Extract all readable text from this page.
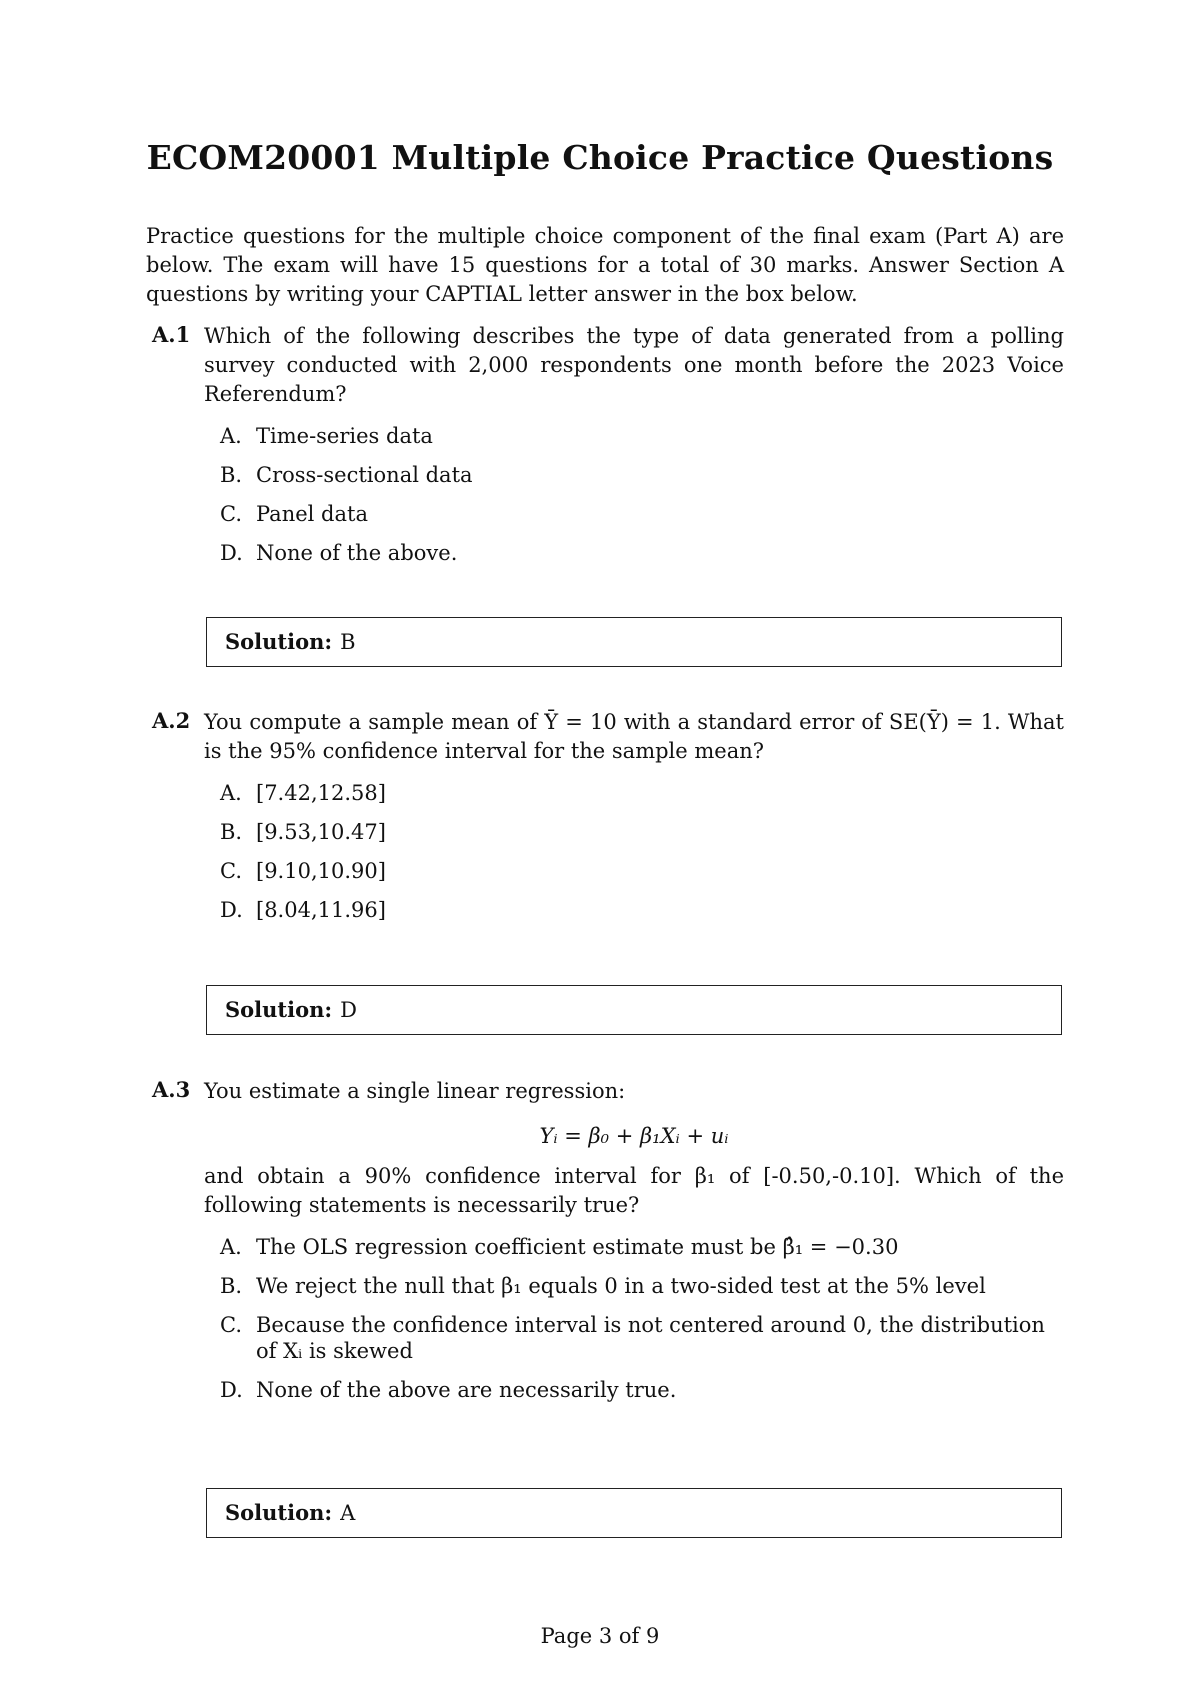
ECOM20001 Multiple Choice Practice Questions
Practice questions for the multiple choice component of the final exam (Part A) are below. The exam will have 15 questions for a total of 30 marks. Answer Section A questions by writing your CAPTIAL letter answer in the box below.
A.1 Which of the following describes the type of data generated from a polling survey conducted with 2,000 respondents one month before the 2023 Voice Referendum?
A. Time-series data
B. Cross-sectional data
C. Panel data
D. None of the above.
Solution: B
A.2 You compute a sample mean of Ȳ = 10 with a standard error of SE(Ȳ) = 1. What is the 95% confidence interval for the sample mean?
A. [7.42,12.58]
B. [9.53,10.47]
C. [9.10,10.90]
D. [8.04,11.96]
Solution: D
A.3 You estimate a single linear regression:
Yᵢ = β₀ + β₁Xᵢ + uᵢ
and obtain a 90% confidence interval for β₁ of [-0.50,-0.10]. Which of the following statements is necessarily true?
A. The OLS regression coefficient estimate must be β̂₁ = −0.30
B. We reject the null that β₁ equals 0 in a two-sided test at the 5% level
C. Because the confidence interval is not centered around 0, the distribution of Xᵢ is skewed
D. None of the above are necessarily true.
Solution: A
Page 3 of 9
